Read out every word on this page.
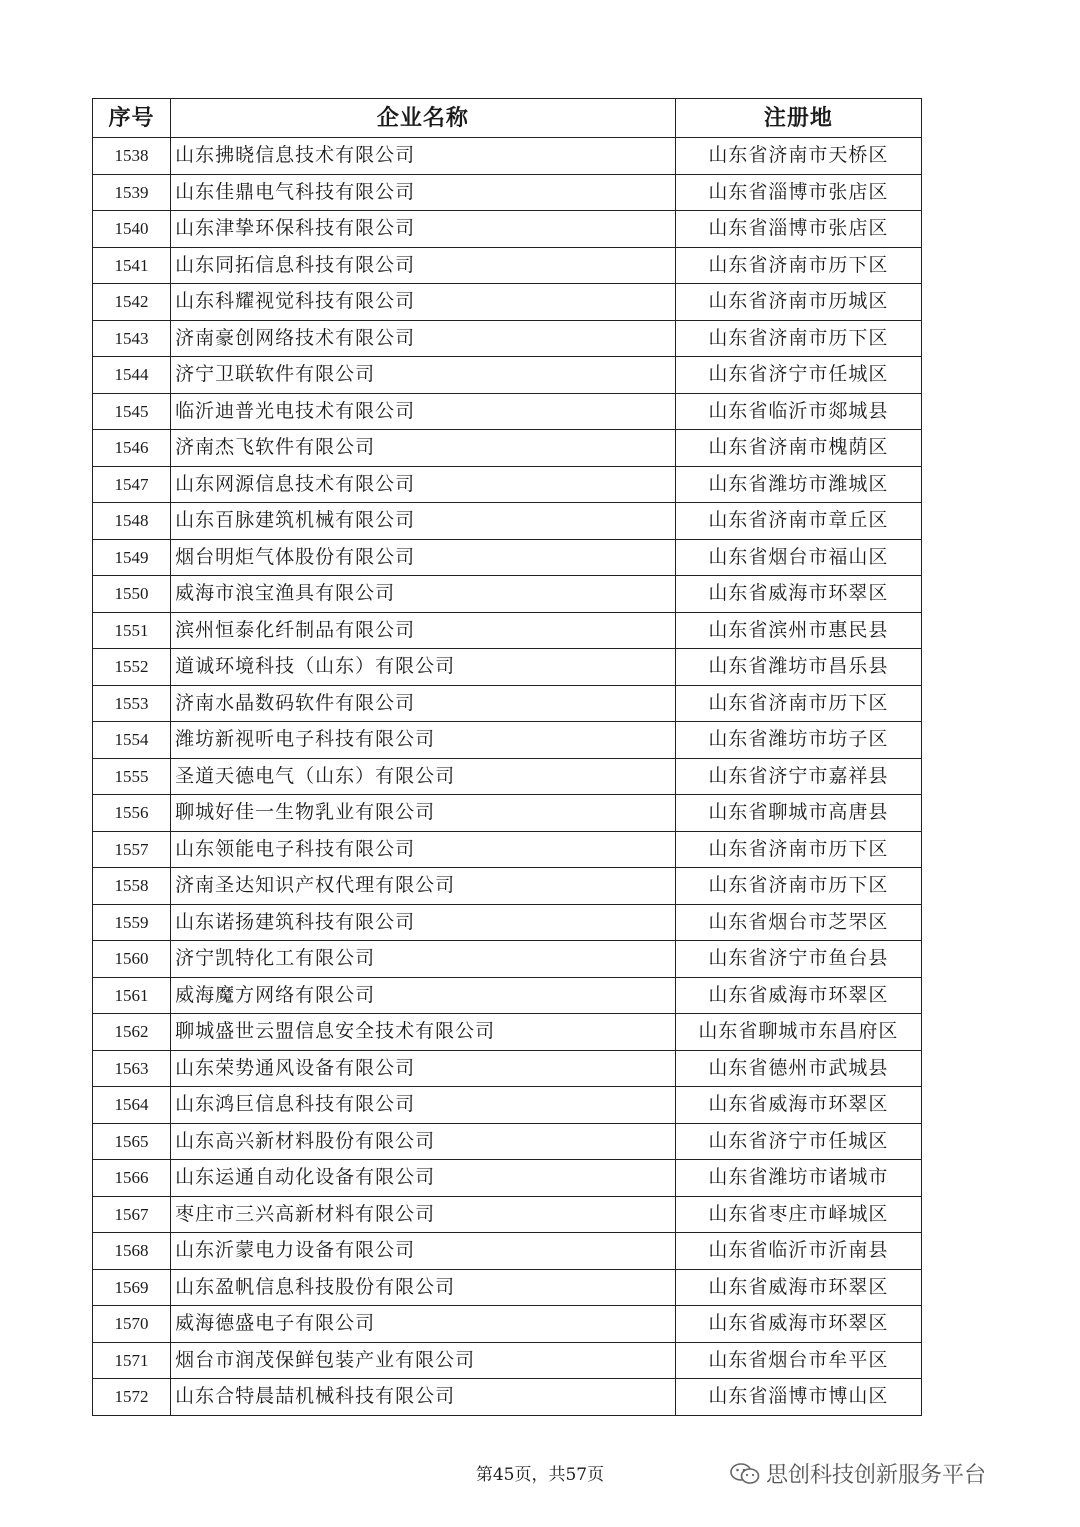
序号	企业名称	注册地
1538	山东拂晓信息技术有限公司	山东省济南市天桥区
1539	山东佳鼎电气科技有限公司	山东省淄博市张店区
1540	山东津挚环保科技有限公司	山东省淄博市张店区
1541	山东同拓信息科技有限公司	山东省济南市历下区
1542	山东科耀视觉科技有限公司	山东省济南市历城区
1543	济南豪创网络技术有限公司	山东省济南市历下区
1544	济宁卫联软件有限公司	山东省济宁市任城区
1545	临沂迪普光电技术有限公司	山东省临沂市郯城县
1546	济南杰飞软件有限公司	山东省济南市槐荫区
1547	山东网源信息技术有限公司	山东省潍坊市潍城区
1548	山东百脉建筑机械有限公司	山东省济南市章丘区
1549	烟台明炬气体股份有限公司	山东省烟台市福山区
1550	威海市浪宝渔具有限公司	山东省威海市环翠区
1551	滨州恒泰化纤制品有限公司	山东省滨州市惠民县
1552	道诚环境科技（山东）有限公司	山东省潍坊市昌乐县
1553	济南水晶数码软件有限公司	山东省济南市历下区
1554	潍坊新视听电子科技有限公司	山东省潍坊市坊子区
1555	圣道天德电气（山东）有限公司	山东省济宁市嘉祥县
1556	聊城好佳一生物乳业有限公司	山东省聊城市高唐县
1557	山东领能电子科技有限公司	山东省济南市历下区
1558	济南圣达知识产权代理有限公司	山东省济南市历下区
1559	山东诺扬建筑科技有限公司	山东省烟台市芝罘区
1560	济宁凯特化工有限公司	山东省济宁市鱼台县
1561	威海魔方网络有限公司	山东省威海市环翠区
1562	聊城盛世云盟信息安全技术有限公司	山东省聊城市东昌府区
1563	山东荣势通风设备有限公司	山东省德州市武城县
1564	山东鸿巨信息科技有限公司	山东省威海市环翠区
1565	山东高兴新材料股份有限公司	山东省济宁市任城区
1566	山东运通自动化设备有限公司	山东省潍坊市诸城市
1567	枣庄市三兴高新材料有限公司	山东省枣庄市峄城区
1568	山东沂蒙电力设备有限公司	山东省临沂市沂南县
1569	山东盈帆信息科技股份有限公司	山东省威海市环翠区
1570	威海德盛电子有限公司	山东省威海市环翠区
1571	烟台市润茂保鲜包装产业有限公司	山东省烟台市牟平区
1572	山东合特晨喆机械科技有限公司	山东省淄博市博山区
第45页，共57页	思创科技创新服务平台
